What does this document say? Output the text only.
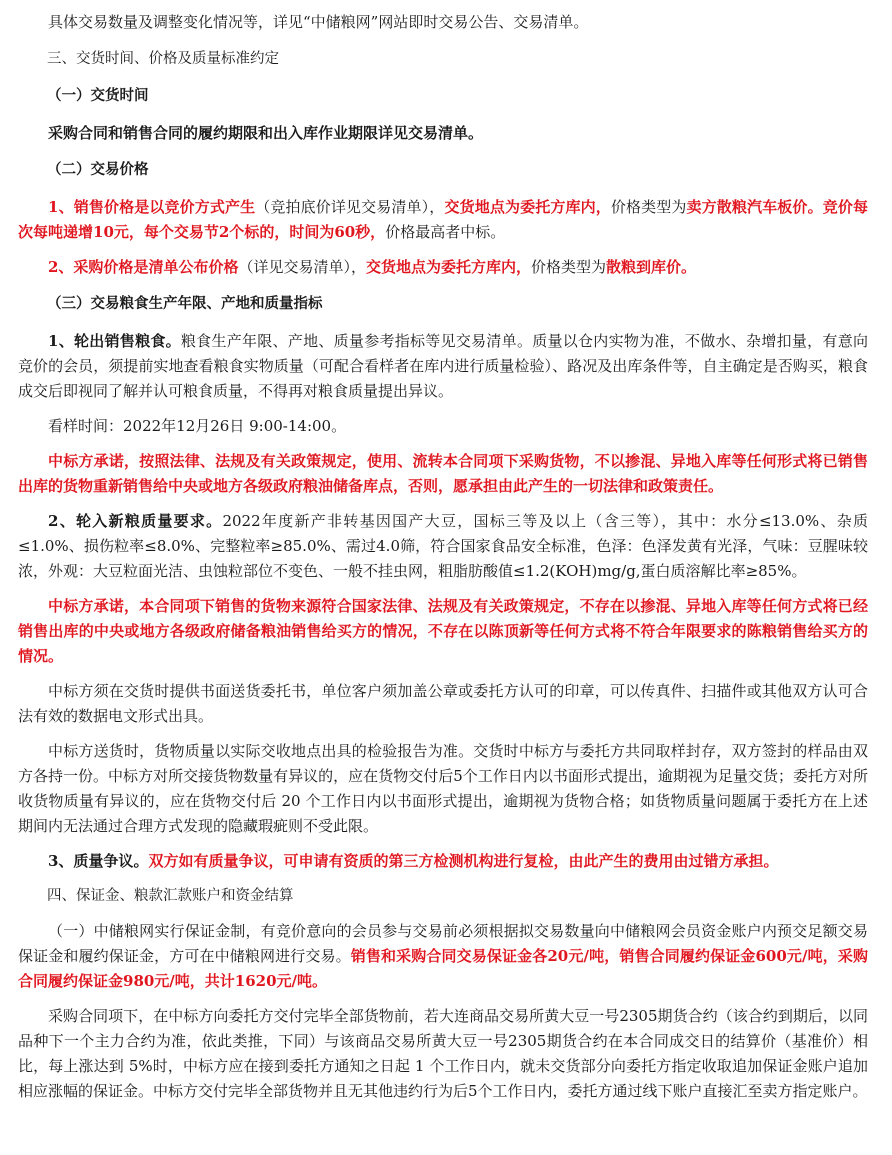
具体交易数量及调整变化情况等，详见“中储粮网”网站即时交易公告、交易清单。

三、交货时间、价格及质量标准约定

（一）交货时间

采购合同和销售合同的履约期限和出入库作业期限详见交易清单。

（二）交易价格

1、销售价格是以竞价方式产生（竞拍底价详见交易清单），交货地点为委托方库内，价格类型为卖方散粮汽车板价。竞价每次每吨递增10元，每个交易节2个标的，时间为60秒，价格最高者中标。

2、采购价格是清单公布价格（详见交易清单），交货地点为委托方库内，价格类型为散粮到库价。

（三）交易粮食生产年限、产地和质量指标

1、轮出销售粮食。粮食生产年限、产地、质量参考指标等见交易清单。质量以仓内实物为准，不做水、杂增扣量，有意向竞价的会员，须提前实地查看粮食实物质量（可配合看样者在库内进行质量检验）、路况及出库条件等，自主确定是否购买，粮食成交后即视同了解并认可粮食质量，不得再对粮食质量提出异议。

看样时间：2022年12月26日 9:00-14:00。

中标方承诺，按照法律、法规及有关政策规定，使用、流转本合同项下采购货物，不以掺混、异地入库等任何形式将已销售出库的货物重新销售给中央或地方各级政府粮油储备库点，否则，愿承担由此产生的一切法律和政策责任。

2、轮入新粮质量要求。2022年度新产非转基因国产大豆，国标三等及以上（含三等），其中：水分≤13.0%、杂质≤1.0%、损伤粒率≤8.0%、完整粒率≥85.0%、需过4.0筛，符合国家食品安全标准，色泽：色泽发黄有光泽，气味：豆腥味较浓，外观：大豆粒面光洁、虫蚀粒部位不变色、一般不挂虫网，粗脂肪酸值≤1.2(KOH)mg/g,蛋白质溶解比率≥85%。

中标方承诺，本合同项下销售的货物来源符合国家法律、法规及有关政策规定，不存在以掺混、异地入库等任何方式将已经销售出库的中央或地方各级政府储备粮油销售给买方的情况，不存在以陈顶新等任何方式将不符合年限要求的陈粮销售给买方的情况。

中标方须在交货时提供书面送货委托书，单位客户须加盖公章或委托方认可的印章，可以传真件、扫描件或其他双方认可合法有效的数据电文形式出具。

中标方送货时，货物质量以实际交收地点出具的检验报告为准。交货时中标方与委托方共同取样封存，双方签封的样品由双方各持一份。中标方对所交接货物数量有异议的，应在货物交付后5个工作日内以书面形式提出，逾期视为足量交货；委托方对所收货物质量有异议的，应在货物交付后 20 个工作日内以书面形式提出，逾期视为货物合格；如货物质量问题属于委托方在上述期间内无法通过合理方式发现的隐藏瑕疵则不受此限。

3、质量争议。双方如有质量争议，可申请有资质的第三方检测机构进行复检，由此产生的费用由过错方承担。

四、保证金、粮款汇款账户和资金结算

（一）中储粮网实行保证金制，有竞价意向的会员参与交易前必须根据拟交易数量向中储粮网会员资金账户内预交足额交易保证金和履约保证金，方可在中储粮网进行交易。销售和采购合同交易保证金各20元/吨，销售合同履约保证金600元/吨，采购合同履约保证金980元/吨，共计1620元/吨。

采购合同项下，在中标方向委托方交付完毕全部货物前，若大连商品交易所黄大豆一号2305期货合约（该合约到期后，以同品种下一个主力合约为准，依此类推，下同）与该商品交易所黄大豆一号2305期货合约在本合同成交日的结算价（基准价）相比，每上涨达到 5%时，中标方应在接到委托方通知之日起 1 个工作日内，就未交货部分向委托方指定收取追加保证金账户追加相应涨幅的保证金。中标方交付完毕全部货物并且无其他违约行为后5个工作日内，委托方通过线下账户直接汇至卖方指定账户。
